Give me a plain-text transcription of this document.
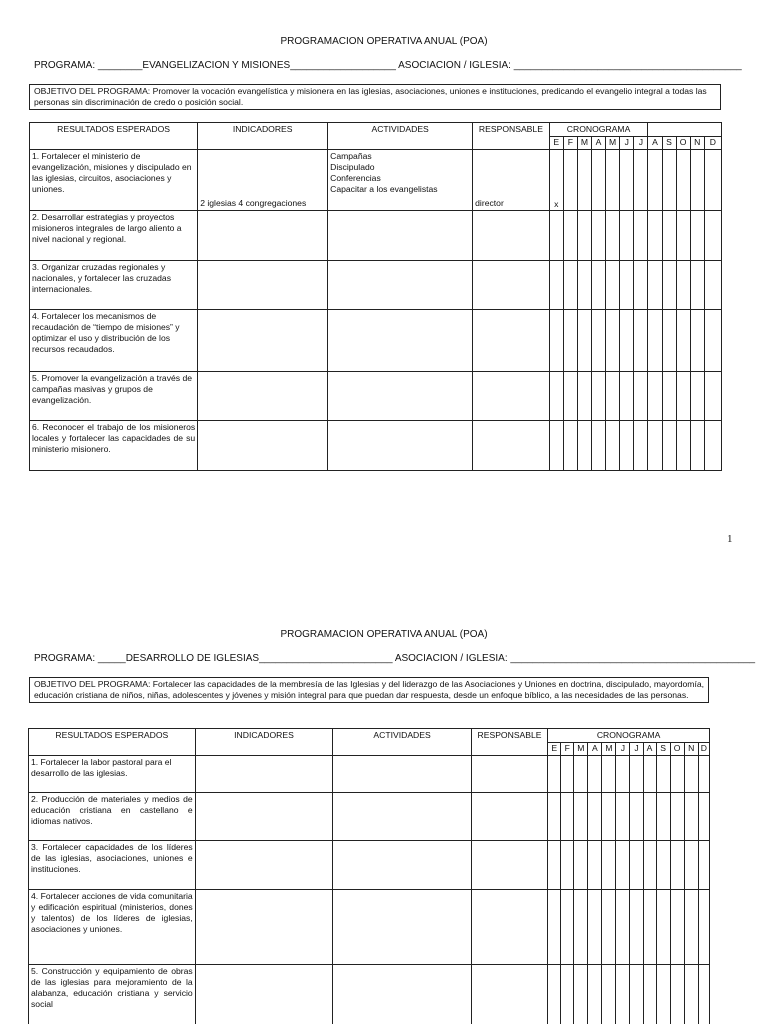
PROGRAMACION OPERATIVA ANUAL (POA)
PROGRAMA: ________EVANGELIZACION Y MISIONES___________________ ASOCIACION / IGLESIA: _________________________________________
OBJETIVO DEL PROGRAMA: Promover la vocación evangelística y misionera en las iglesias, asociaciones, uniones e instituciones, predicando el evangelio integral a todas las personas sin discriminación de credo o posición social.
RESULTADOS ESPERADOS	INDICADORES	ACTIVIDADES	RESPONSABLE	CRONOGRAMA											
				E	F	M	A	M	J	J	A	S	O	N	D
1. Fortalecer el ministerio de evangelización, misiones y discipulado en las iglesias, circuitos, asociaciones y uniones.	2 iglesias 4 congregaciones	Campañas
Discipulado
Conferencias
Capacitar a los evangelistas	director	x											
2. Desarrollar estrategias y proyectos misioneros integrales de largo aliento a nivel nacional y regional.															
3. Organizar cruzadas regionales y nacionales, y fortalecer las cruzadas internacionales.															
4. Fortalecer los mecanismos de recaudación de “tiempo de misiones” y optimizar el uso y distribución de los recursos recaudados.															
5. Promover la evangelización a través de campañas masivas y grupos de evangelización.															
6. Reconocer el trabajo de los misioneros locales y fortalecer las capacidades de su ministerio misionero.															
1
PROGRAMACION OPERATIVA ANUAL (POA)
PROGRAMA: _____DESARROLLO DE IGLESIAS________________________ ASOCIACION / IGLESIA: ____________________________________________
OBJETIVO DEL PROGRAMA: Fortalecer las capacidades de la membresía de las Iglesias y del liderazgo de las Asociaciones y Uniones en doctrina, discipulado, mayordomía, educación cristiana de niños, niñas, adolescentes y jóvenes y misión integral para que puedan dar respuesta, desde un enfoque bíblico, a las necesidades de las personas.
RESULTADOS ESPERADOS	INDICADORES	ACTIVIDADES	RESPONSABLE	CRONOGRAMA											
				E	F	M	A	M	J	J	A	S	O	N	D
1. Fortalecer la labor pastoral para el desarrollo de las iglesias.															
2. Producción de materiales y medios de educación cristiana en castellano e idiomas nativos.															
3. Fortalecer capacidades de los líderes de las iglesias, asociaciones, uniones e instituciones.															
4. Fortalecer acciones de vida comunitaria y edificación espiritual (ministerios, dones y talentos) de los líderes de iglesias, asociaciones y uniones.															
5. Construcción y equipamiento de obras de las iglesias para mejoramiento de la alabanza, educación cristiana y servicio social															
